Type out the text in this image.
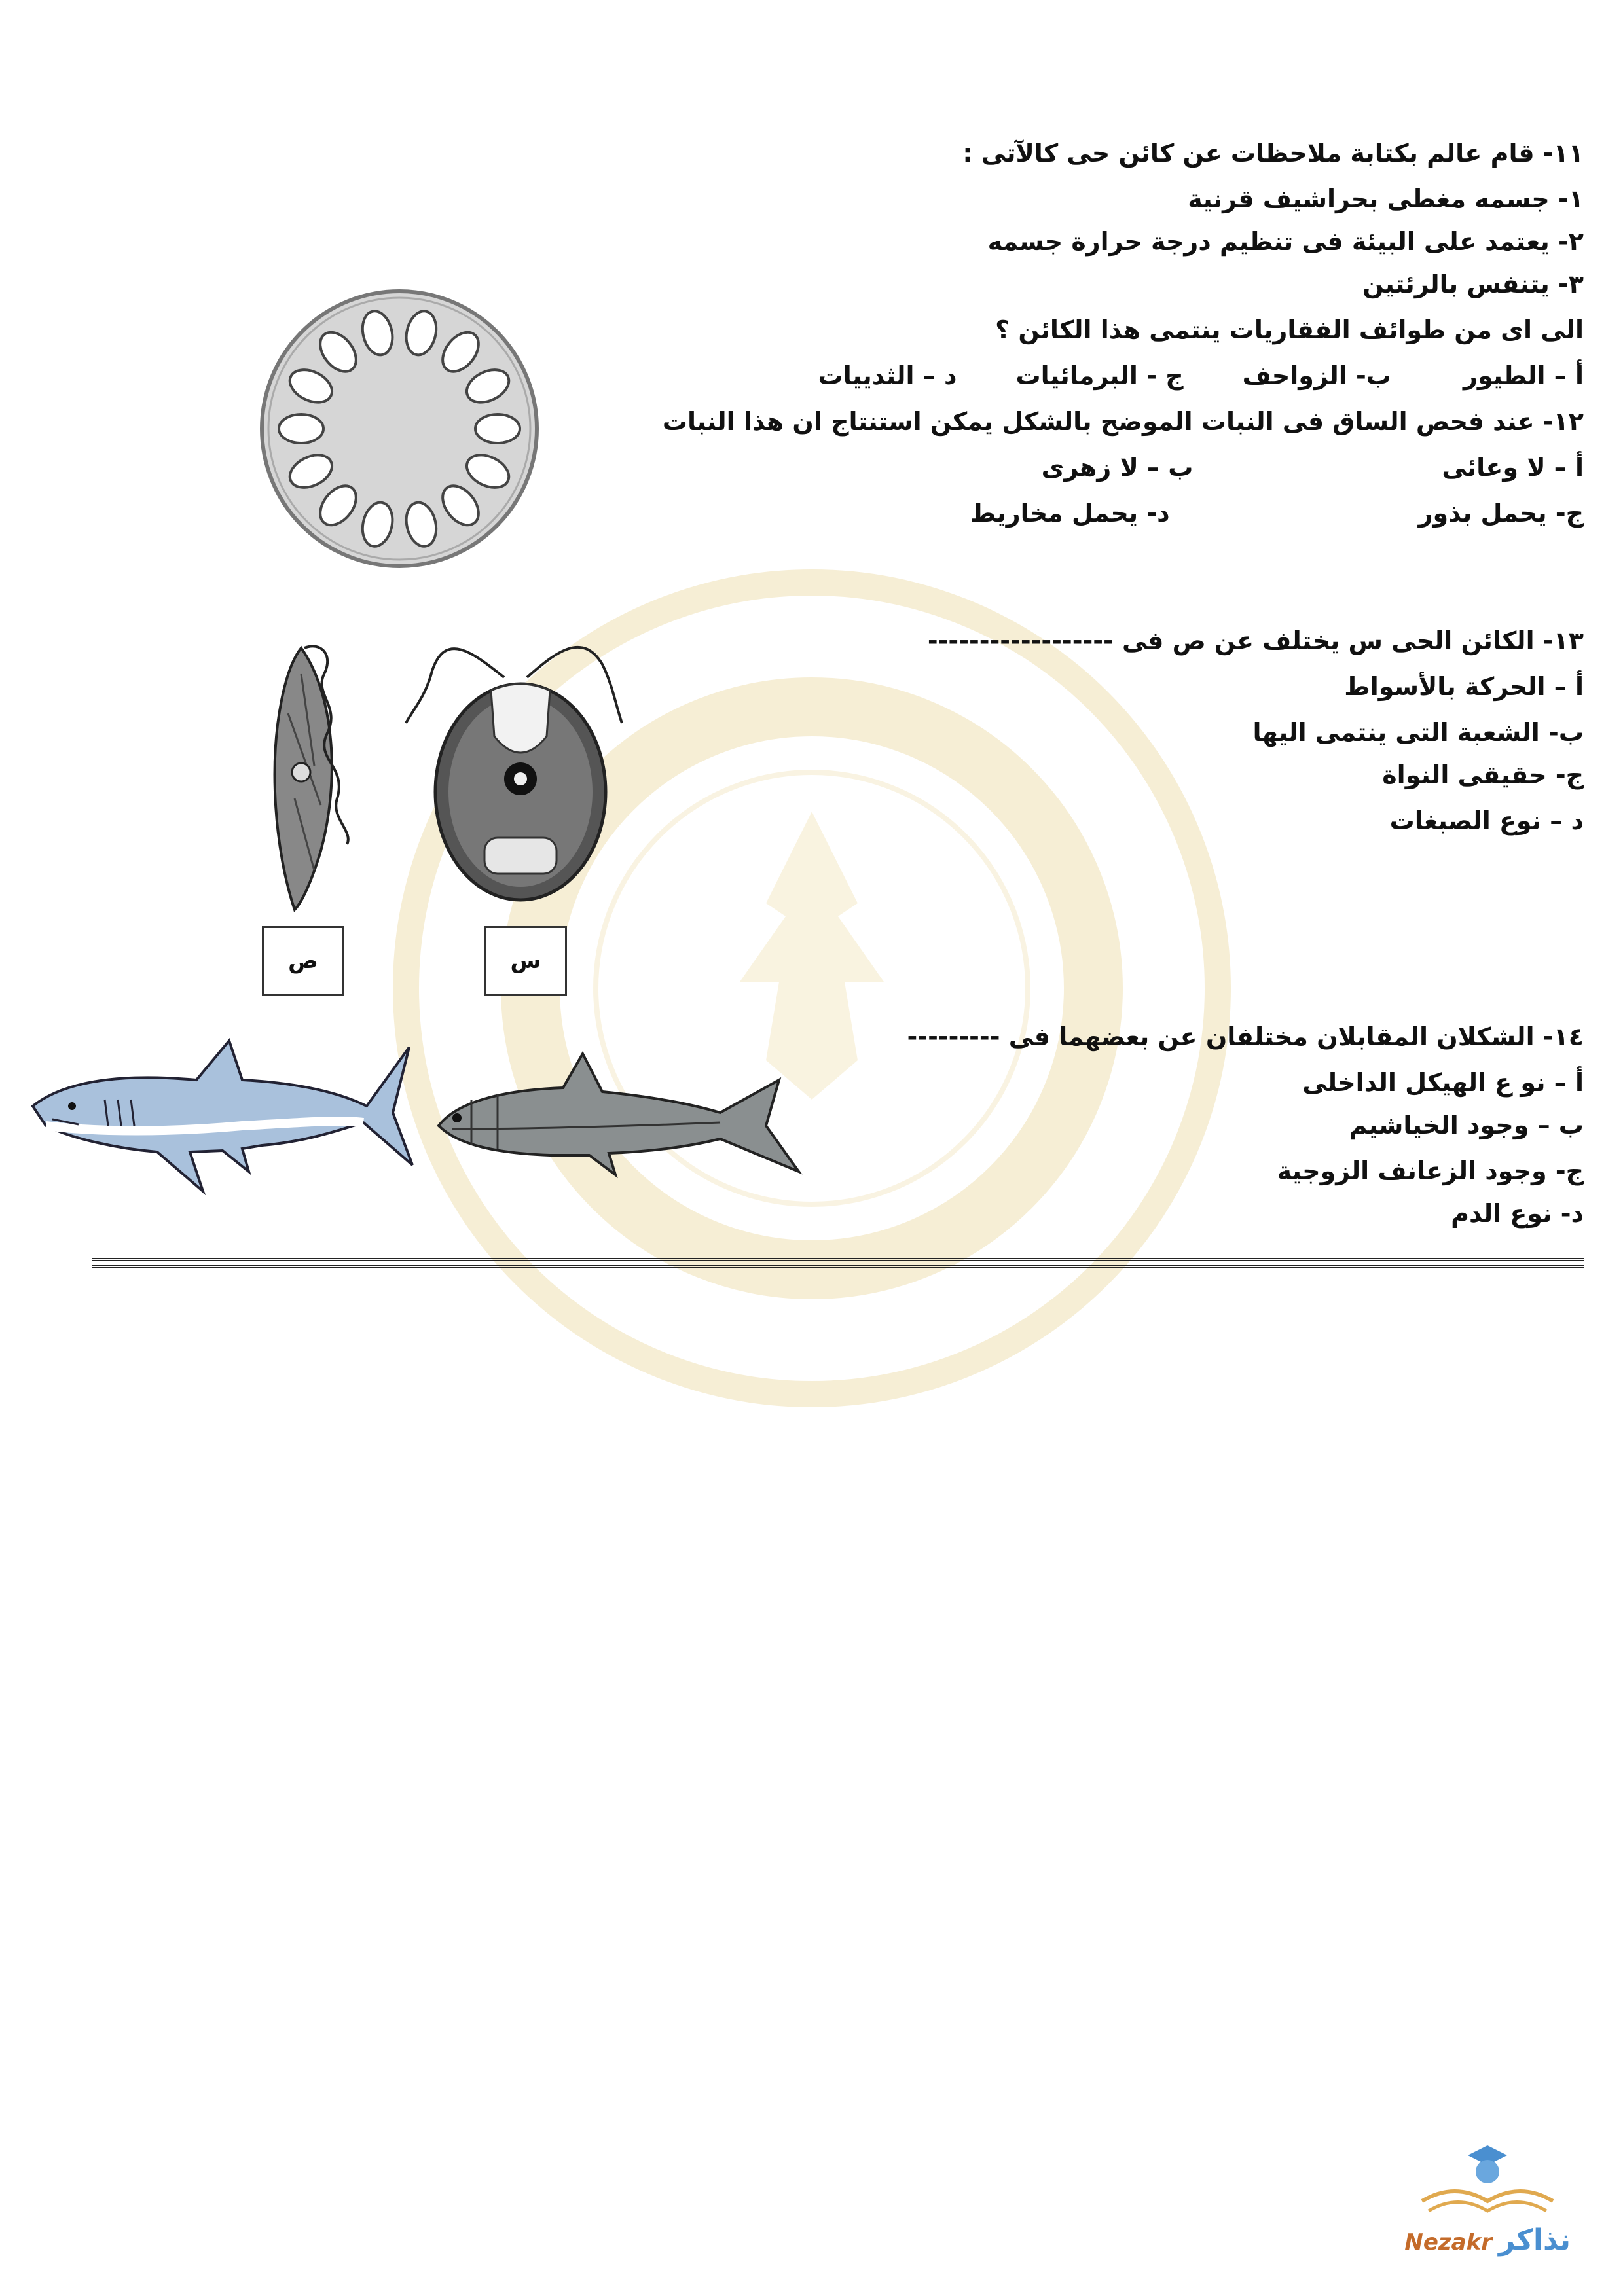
١١- قام عالم بكتابة ملاحظات عن كائن حى كالآتى :
١- جسمه مغطى بحراشيف قرنية
٢- يعتمد على البيئة فى تنظيم درجة حرارة جسمه
٣- يتنفس بالرئتين
الى اى من طوائف الفقاريات ينتمى هذا الكائن ؟
أ – الطيور
ب- الزواحف
ج - البرمائيات
د – الثدييات
١٢- عند فحص الساق فى النبات الموضح بالشكل يمكن استنتاج ان هذا النبات
أ – لا وعائى
ب – لا زهرى
ج- يحمل بذور
د- يحمل مخاريط
١٣- الكائن الحى س يختلف عن ص فى ------------------
أ – الحركة بالأسواط
ب- الشعبة التى ينتمى اليها
ج- حقيقى النواة
د – نوع الصبغات
ص	س
١٤- الشكلان المقابلان مختلفان عن بعضهما فى ---------
أ – نو ع الهيكل الداخلى
ب – وجود الخياشيم
ج- وجود الزعانف الزوجية
د- نوع الدم
Nezakr نذاكر
